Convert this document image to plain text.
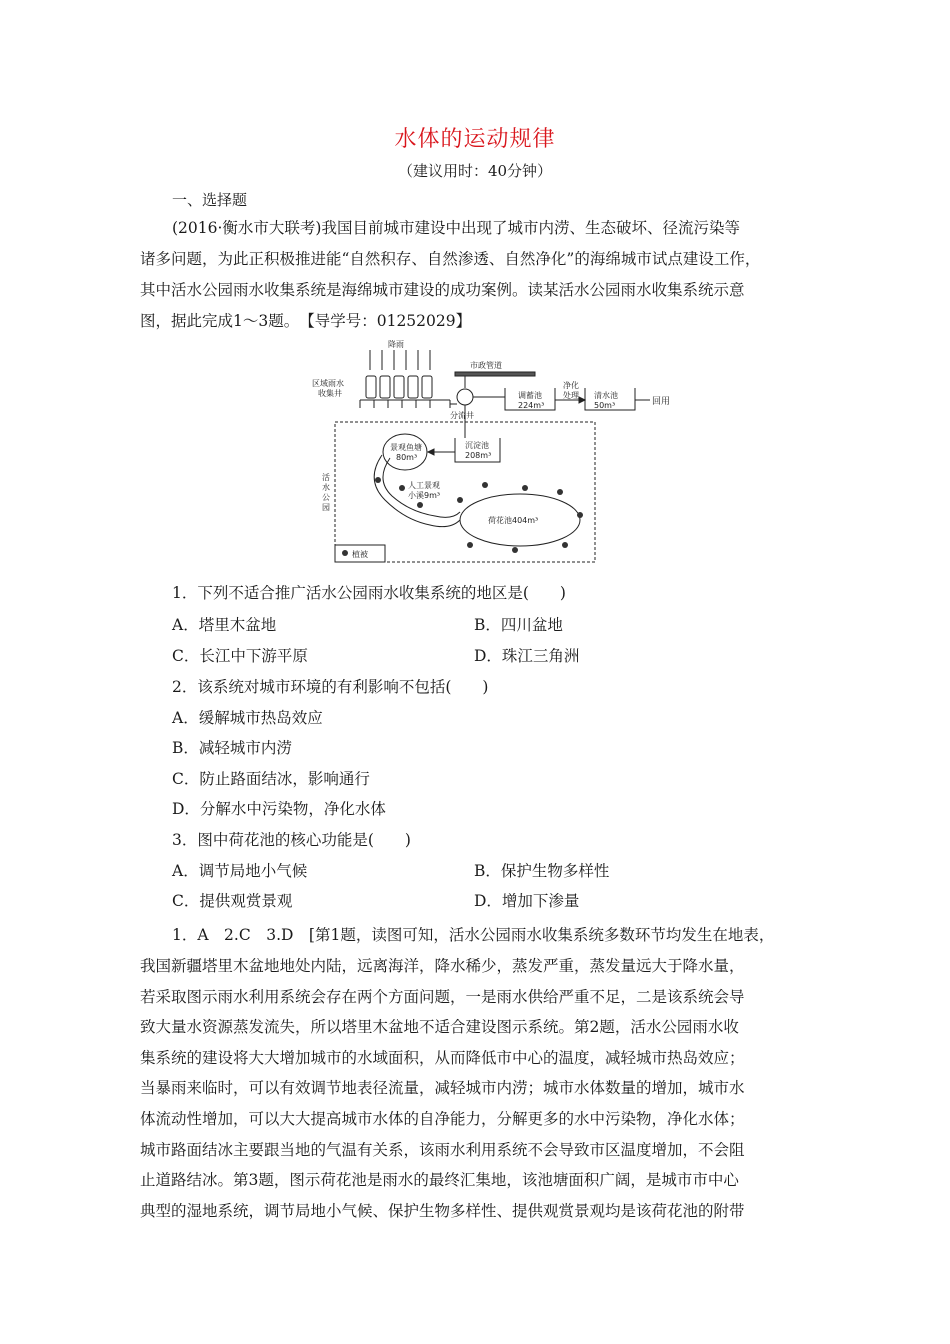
水体的运动规律
（建议用时：40分钟）
一、选择题
(2016·衡水市大联考)我国目前城市建设中出现了城市内涝、生态破坏、径流污染等
诸多问题，为此正积极推进能“自然积存、自然渗透、自然净化”的海绵城市试点建设工作，
其中活水公园雨水收集系统是海绵城市建设的成功案例。读某活水公园雨水收集系统示意
图，据此完成1～3题。　【导学号：01252029】
降雨
区域雨水
收集井
市政管道
分流井
调蓄池
224m³
净化
处理 清水池
50m³
景观鱼塘
80m³
沉淀池
208m³
活
水
公
园
人工景观
小溪9m³
荷花池404m³
植被
回用
1．下列不适合推广活水公园雨水收集系统的地区是(　　)
A．塔里木盆地	B．四川盆地
C．长江中下游平原	D．珠江三角洲
2．该系统对城市环境的有利影响不包括(　　)
A．缓解城市热岛效应
B．减轻城市内涝
C．防止路面结冰，影响通行
D．分解水中污染物，净化水体
3．图中荷花池的核心功能是(　　)
A．调节局地小气候	B．保护生物多样性
C．提供观赏景观	D．增加下渗量
1．A　2.C　3.D　[第1题，读图可知，活水公园雨水收集系统多数环节均发生在地表，
我国新疆塔里木盆地地处内陆，远离海洋，降水稀少，蒸发严重，蒸发量远大于降水量，
若采取图示雨水利用系统会存在两个方面问题，一是雨水供给严重不足，二是该系统会导
致大量水资源蒸发流失，所以塔里木盆地不适合建设图示系统。第2题，活水公园雨水收
集系统的建设将大大增加城市的水域面积，从而降低市中心的温度，减轻城市热岛效应；
当暴雨来临时，可以有效调节地表径流量，减轻城市内涝；城市水体数量的增加，城市水
体流动性增加，可以大大提高城市水体的自净能力，分解更多的水中污染物，净化水体；
城市路面结冰主要跟当地的气温有关系，该雨水利用系统不会导致市区温度增加，不会阻
止道路结冰。第3题，图示荷花池是雨水的最终汇集地，该池塘面积广阔，是城市市中心
典型的湿地系统，调节局地小气候、保护生物多样性、提供观赏景观均是该荷花池的附带
